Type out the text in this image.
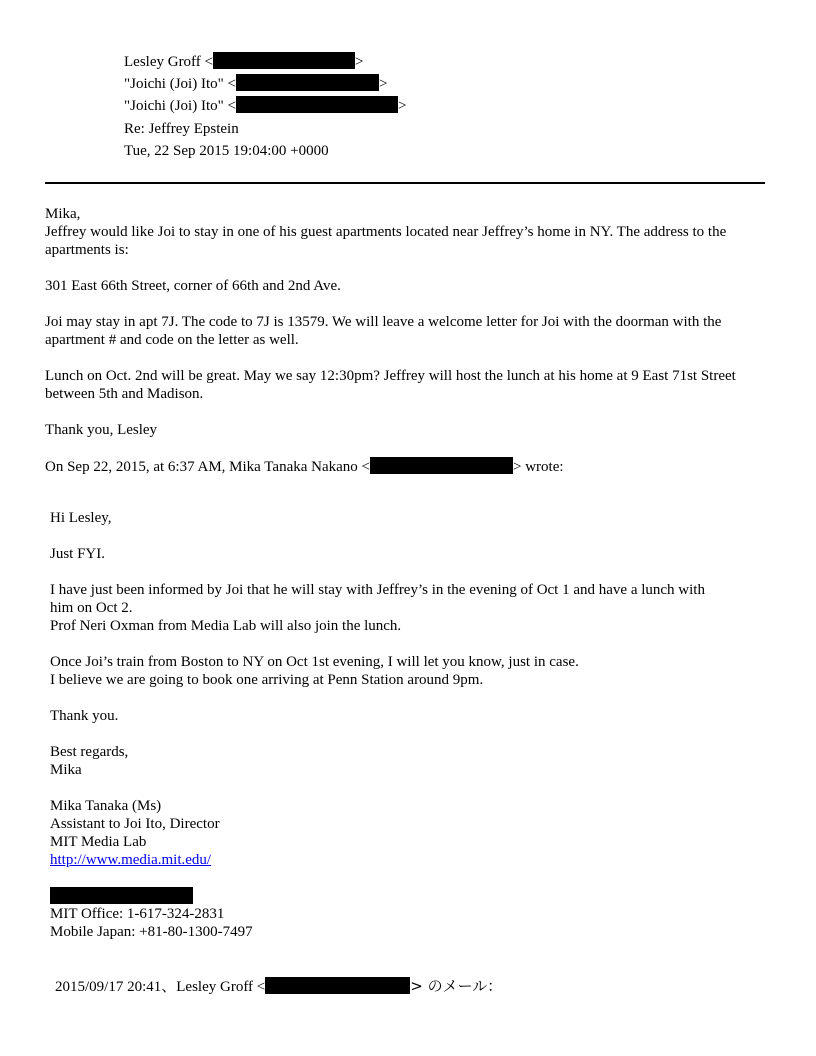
Lesley Groff <	>
"Joichi (Joi) Ito" <	>
"Joichi (Joi) Ito" <	>
Re: Jeffrey Epstein
Tue, 22 Sep 2015 19:04:00 +0000
Mika,
Jeffrey would like Joi to stay in one of his guest apartments located near Jeffrey’s home in NY. The address to the apartments is:
301 East 66th Street, corner of 66th and 2nd Ave.
Joi may stay in apt 7J. The code to 7J is 13579. We will leave a welcome letter for Joi with the doorman with the apartment # and code on the letter as well.
Lunch on Oct. 2nd will be great. May we say 12:30pm? Jeffrey will host the lunch at his home at 9 East 71st Street between 5th and Madison.
Thank you, Lesley
On Sep 22, 2015, at 6:37 AM, Mika Tanaka Nakano <	> wrote:
Hi Lesley,
Just FYI.
I have just been informed by Joi that he will stay with Jeffrey’s in the evening of Oct 1 and have a lunch with
him on Oct 2.
Prof Neri Oxman from Media Lab will also join the lunch.
Once Joi’s train from Boston to NY on Oct 1st evening, I will let you know, just in case.
I believe we are going to book one arriving at Penn Station around 9pm.
Thank you.
Best regards,
Mika
Mika Tanaka (Ms)
Assistant to Joi Ito, Director
MIT Media Lab
http://www.media.mit.edu/
MIT Office: 1-617-324-2831
Mobile Japan: +81-80-1300-7497
2015/09/17 20:41、Lesley Groff <	> のメール：
